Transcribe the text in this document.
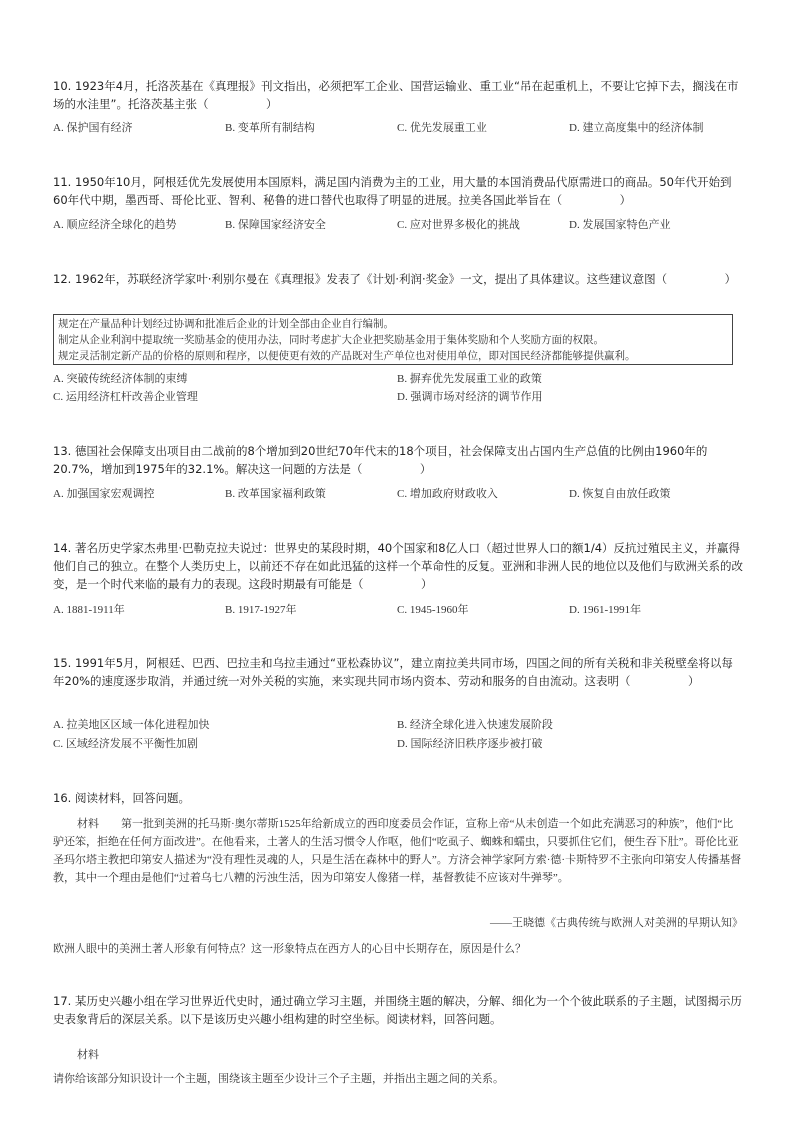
10. 1923年4月，托洛茨基在《真理报》刊文指出，必须把军工企业、国营运输业、重工业“吊在起重机上，不要让它掉下去，搁浅在市场的水洼里”。托洛茨基主张（　　　　　）
A. 保护国有经济	B. 变革所有制结构	C. 优先发展重工业	D. 建立高度集中的经济体制
11. 1950年10月，阿根廷优先发展使用本国原料，满足国内消费为主的工业，用大量的本国消费品代原需进口的商品。50年代开始到60年代中期，墨西哥、哥伦比亚、智利、秘鲁的进口替代也取得了明显的进展。拉美各国此举旨在（　　　　　）
A. 顺应经济全球化的趋势	B. 保障国家经济安全	C. 应对世界多极化的挑战	D. 发展国家特色产业
12. 1962年，苏联经济学家叶·利别尔曼在《真理报》发表了《计划·利润·奖金》一文，提出了具体建议。这些建议意图（　　　　　）
规定在产量品种计划经过协调和批准后企业的计划全部由企业自行编制。
制定从企业利润中提取统一奖励基金的使用办法，同时考虑扩大企业把奖励基金用于集体奖励和个人奖励方面的权限。
规定灵活制定新产品的价格的原则和程序，以便使更有效的产品既对生产单位也对使用单位，即对国民经济都能够提供赢利。
A. 突破传统经济体制的束缚	B. 摒弃优先发展重工业的政策
C. 运用经济杠杆改善企业管理	D. 强调市场对经济的调节作用
13. 德国社会保障支出项目由二战前的8个增加到20世纪70年代末的18个项目，社会保障支出占国内生产总值的比例由1960年的20.7%，增加到1975年的32.1%。解决这一问题的方法是（　　　　　）
A. 加强国家宏观调控	B. 改革国家福利政策	C. 增加政府财政收入	D. 恢复自由放任政策
14. 著名历史学家杰弗里·巴勒克拉夫说过：世界史的某段时期，40个国家和8亿人口（超过世界人口的额1/4）反抗过殖民主义，并赢得他们自己的独立。在整个人类历史上，以前还不存在如此迅猛的这样一个革命性的反复。亚洲和非洲人民的地位以及他们与欧洲关系的改变，是一个时代来临的最有力的表现。这段时期最有可能是（　　　　　）
A. 1881-1911年	B. 1917-1927年	C. 1945-1960年	D. 1961-1991年
15. 1991年5月，阿根廷、巴西、巴拉圭和乌拉圭通过“亚松森协议”，建立南拉美共同市场，四国之间的所有关税和非关税壁垒将以每年20%的速度逐步取消，并通过统一对外关税的实施，来实现共同市场内资本、劳动和服务的自由流动。这表明（　　　　　）
A. 拉美地区区域一体化进程加快	B. 经济全球化进入快速发展阶段
C. 区域经济发展不平衡性加剧	D. 国际经济旧秩序逐步被打破
16. 阅读材料，回答问题。
材料　　第一批到美洲的托马斯·奥尔蒂斯1525年给新成立的西印度委员会作证，宣称上帝“从未创造一个如此充满恶习的种族”，他们“比驴还笨，拒绝在任何方面改进”。在他看来，土著人的生活习惯令人作呕，他们“吃虱子、蜘蛛和蠕虫，只要抓住它们，便生吞下肚”。哥伦比亚圣玛尔塔主教把印第安人描述为“没有理性灵魂的人，只是生活在森林中的野人”。方济会神学家阿方索·德·卡斯特罗不主张向印第安人传播基督教，其中一个理由是他们“过着乌七八糟的污浊生活，因为印第安人像猪一样，基督教徒不应该对牛弹琴”。
——王晓德《古典传统与欧洲人对美洲的早期认知》
欧洲人眼中的美洲土著人形象有何特点？这一形象特点在西方人的心目中长期存在，原因是什么？
17. 某历史兴趣小组在学习世界近代史时，通过确立学习主题，并围绕主题的解决，分解、细化为一个个彼此联系的子主题，试图揭示历史表象背后的深层关系。以下是该历史兴趣小组构建的时空坐标。阅读材料，回答问题。
材料
请你给该部分知识设计一个主题，围绕该主题至少设计三个子主题，并指出主题之间的关系。
